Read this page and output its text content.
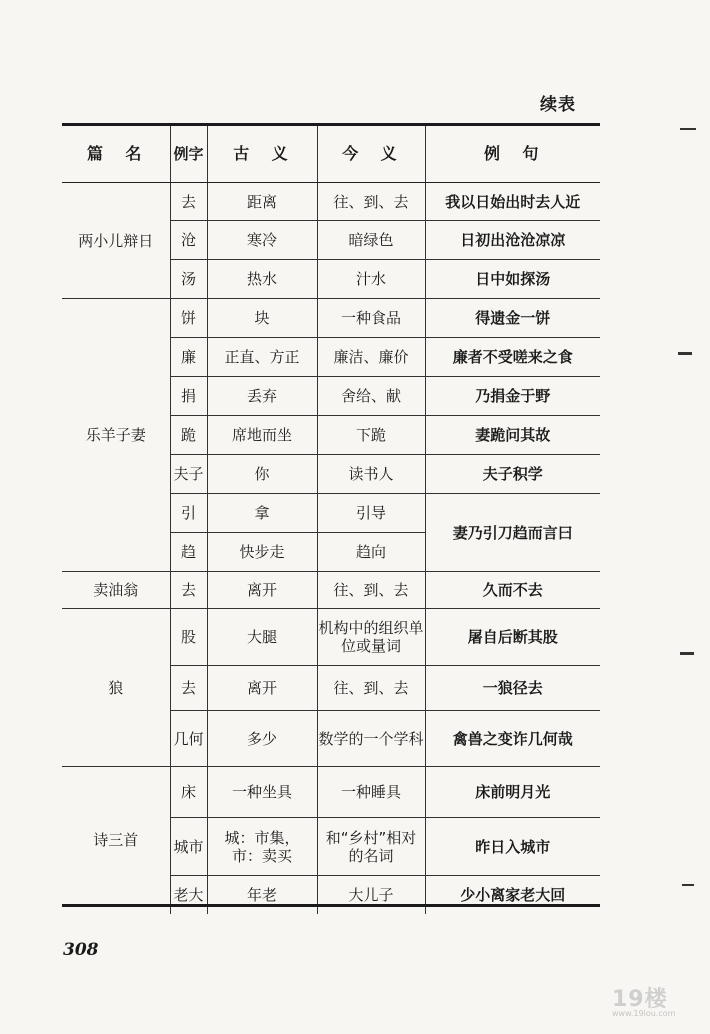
续表
篇　名	例字	古　义	今　义	例　句
两小儿辩日	去	距离	往、到、去	我以日始出时去人近
	沧	寒冷	暗绿色	日初出沧沧凉凉
	汤	热水	汁水	日中如探汤
乐羊子妻	饼	块	一种食品	得遗金一饼
	廉	正直、方正	廉洁、廉价	廉者不受嗟来之食
	捐	丢弃	舍给、献	乃捐金于野
	跪	席地而坐	下跪	妻跪问其故
	夫子	你	读书人	夫子积学
	引	拿	引导	妻乃引刀趋而言曰
	趋	快步走	趋向	
卖油翁	去	离开	往、到、去	久而不去
狼	股	大腿	机构中的组织单位或量词	屠自后断其股
	去	离开	往、到、去	一狼径去
	几何	多少	数学的一个学科	禽兽之变诈几何哉
诗三首	床	一种坐具	一种睡具	床前明月光
	城市	城：市集，市：卖买	和“乡村”相对的名词	昨日入城市
	老大	年老	大儿子	少小离家老大回
308
19楼
www.19lou.com
